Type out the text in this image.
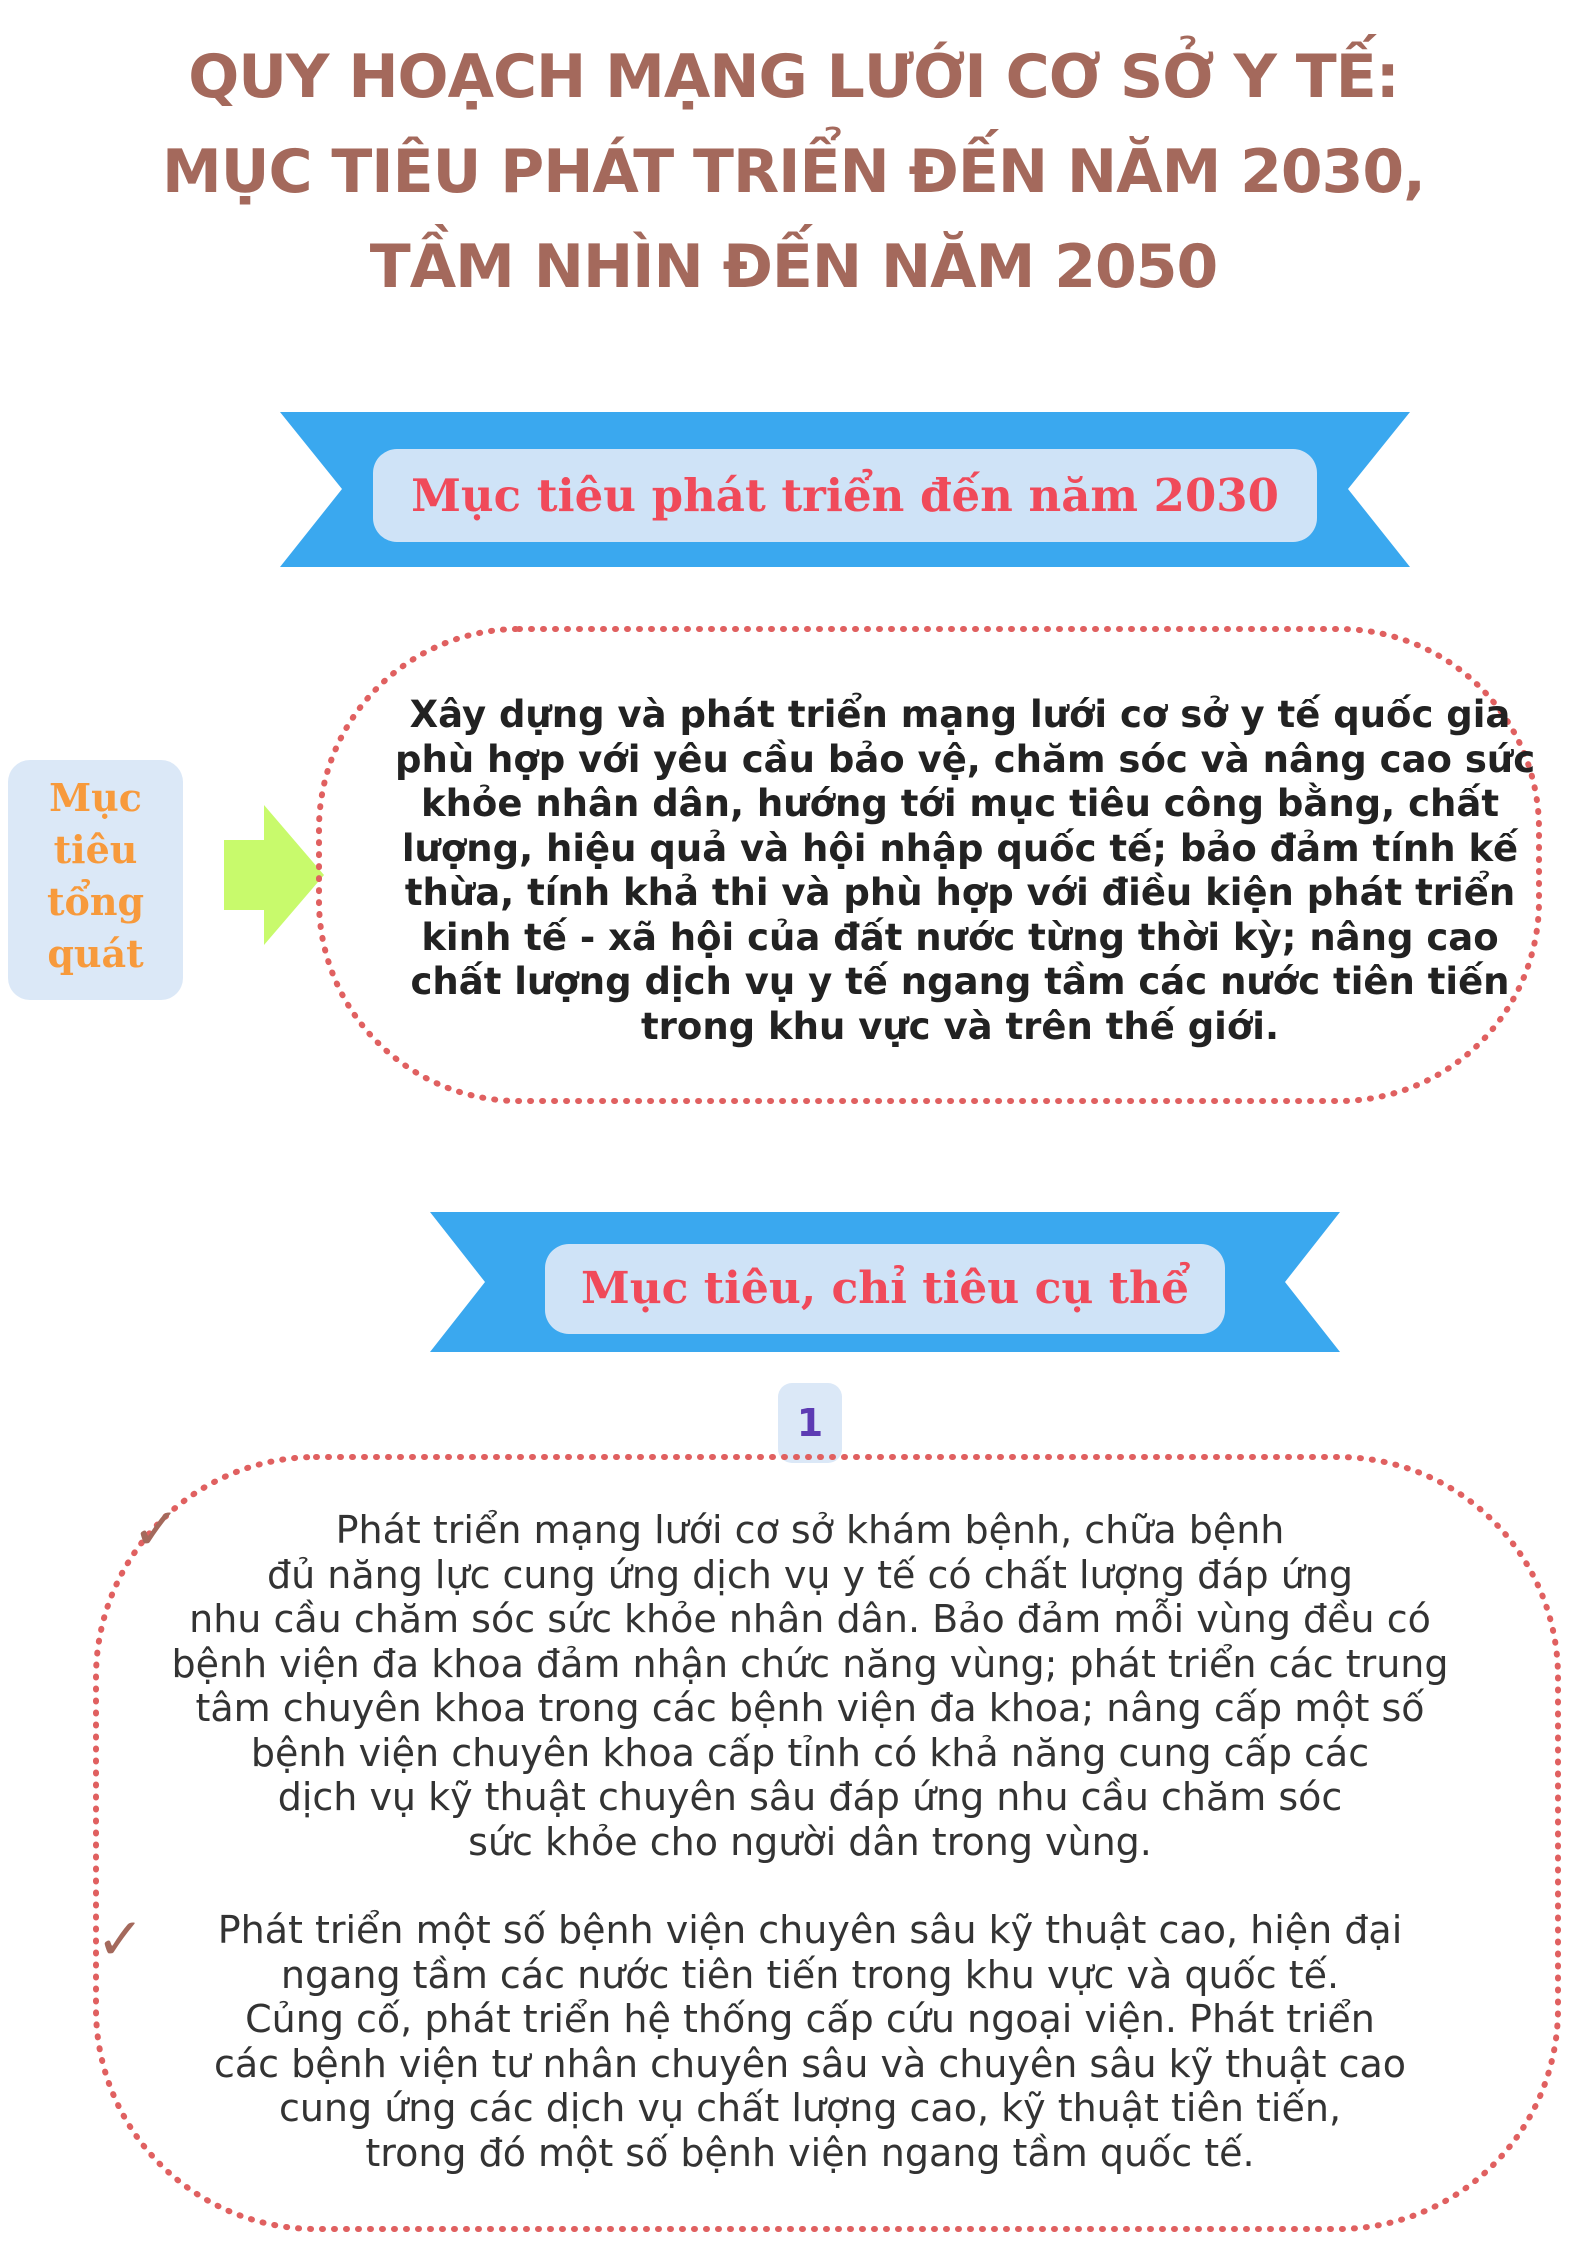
QUY HOẠCH MẠNG LƯỚI CƠ SỞ Y TẾ:
MỤC TIÊU PHÁT TRIỂN ĐẾN NĂM 2030,
TẦM NHÌN ĐẾN NĂM 2050
Mục tiêu phát triển đến năm 2030
Mục
tiêu
tổng
quát
Xây dựng và phát triển mạng lưới cơ sở y tế quốc gia
phù hợp với yêu cầu bảo vệ, chăm sóc và nâng cao sức
khỏe nhân dân, hướng tới mục tiêu công bằng, chất
lượng, hiệu quả và hội nhập quốc tế; bảo đảm tính kế
thừa, tính khả thi và phù hợp với điều kiện phát triển
kinh tế - xã hội của đất nước từng thời kỳ; nâng cao
chất lượng dịch vụ y tế ngang tầm các nước tiên tiến
trong khu vực và trên thế giới.
Mục tiêu, chỉ tiêu cụ thể
1
✓	Phát triển mạng lưới cơ sở khám bệnh, chữa bệnh
đủ năng lực cung ứng dịch vụ y tế có chất lượng đáp ứng
nhu cầu chăm sóc sức khỏe nhân dân. Bảo đảm mỗi vùng đều có
bệnh viện đa khoa đảm nhận chức năng vùng; phát triển các trung
tâm chuyên khoa trong các bệnh viện đa khoa; nâng cấp một số
bệnh viện chuyên khoa cấp tỉnh có khả năng cung cấp các
dịch vụ kỹ thuật chuyên sâu đáp ứng nhu cầu chăm sóc
sức khỏe cho người dân trong vùng.
✓	Phát triển một số bệnh viện chuyên sâu kỹ thuật cao, hiện đại
ngang tầm các nước tiên tiến trong khu vực và quốc tế.
Củng cố, phát triển hệ thống cấp cứu ngoại viện. Phát triển
các bệnh viện tư nhân chuyên sâu và chuyên sâu kỹ thuật cao
cung ứng các dịch vụ chất lượng cao, kỹ thuật tiên tiến,
trong đó một số bệnh viện ngang tầm quốc tế.
